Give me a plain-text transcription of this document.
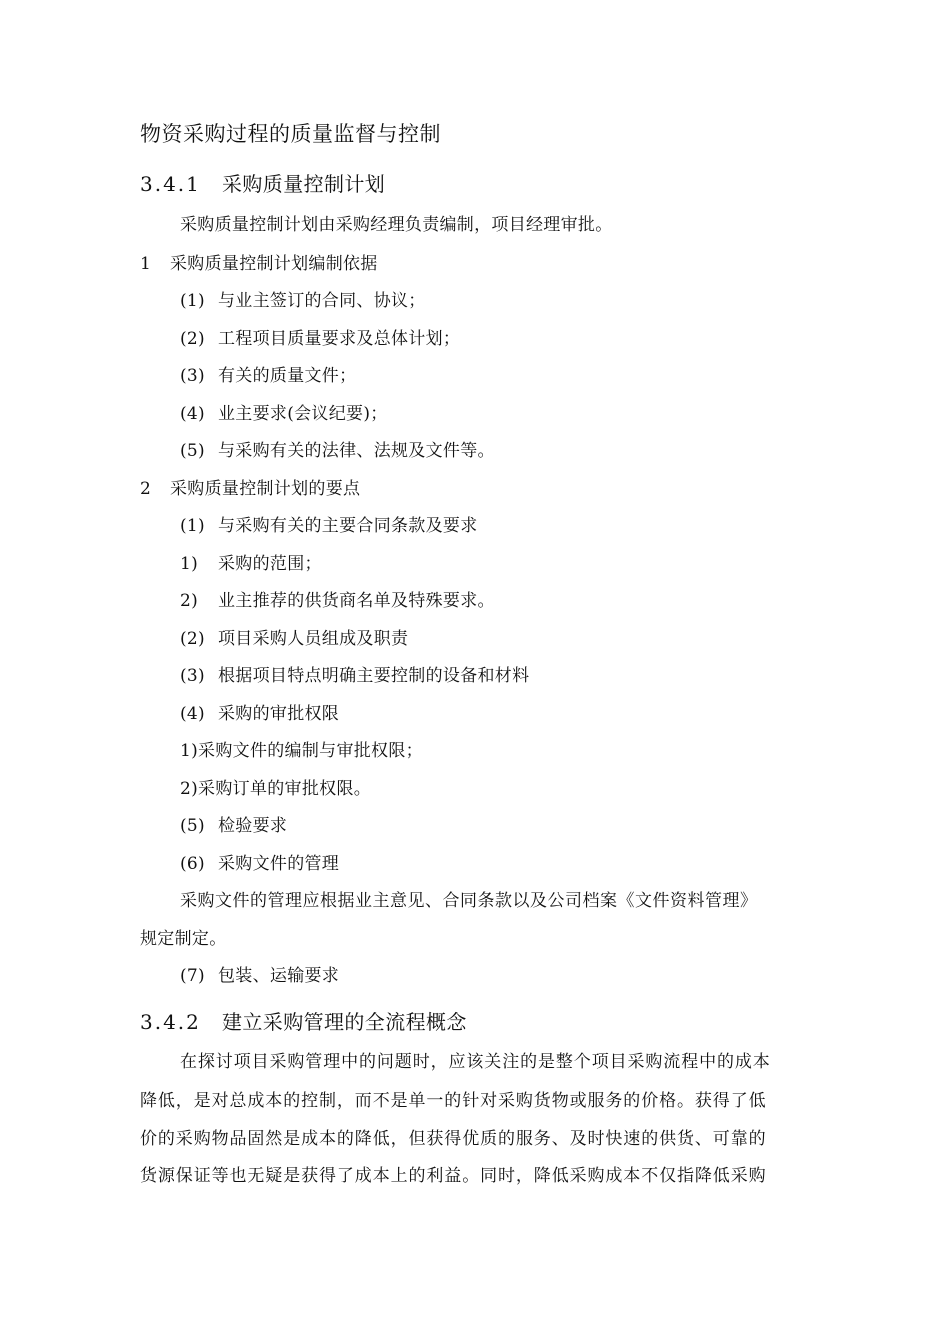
物资采购过程的质量监督与控制
3.4.1 采购质量控制计划
采购质量控制计划由采购经理负责编制，项目经理审批。
1 采购质量控制计划编制依据
(1) 与业主签订的合同、协议；
(2) 工程项目质量要求及总体计划；
(3) 有关的质量文件；
(4) 业主要求(会议纪要)；
(5) 与采购有关的法律、法规及文件等。
2 采购质量控制计划的要点
(1) 与采购有关的主要合同条款及要求
1) 采购的范围；
2) 业主推荐的供货商名单及特殊要求。
(2) 项目采购人员组成及职责
(3) 根据项目特点明确主要控制的设备和材料
(4) 采购的审批权限
1)采购文件的编制与审批权限；
2)采购订单的审批权限。
(5) 检验要求
(6) 采购文件的管理
采购文件的管理应根据业主意见、合同条款以及公司档案《文件资料管理》
规定制定。
(7) 包装、运输要求
3.4.2 建立采购管理的全流程概念
在探讨项目采购管理中的问题时，应该关注的是整个项目采购流程中的成本
降低，是对总成本的控制，而不是单一的针对采购货物或服务的价格。获得了低
价的采购物品固然是成本的降低，但获得优质的服务、及时快速的供货、可靠的
货源保证等也无疑是获得了成本上的利益。同时，降低采购成本不仅指降低采购
